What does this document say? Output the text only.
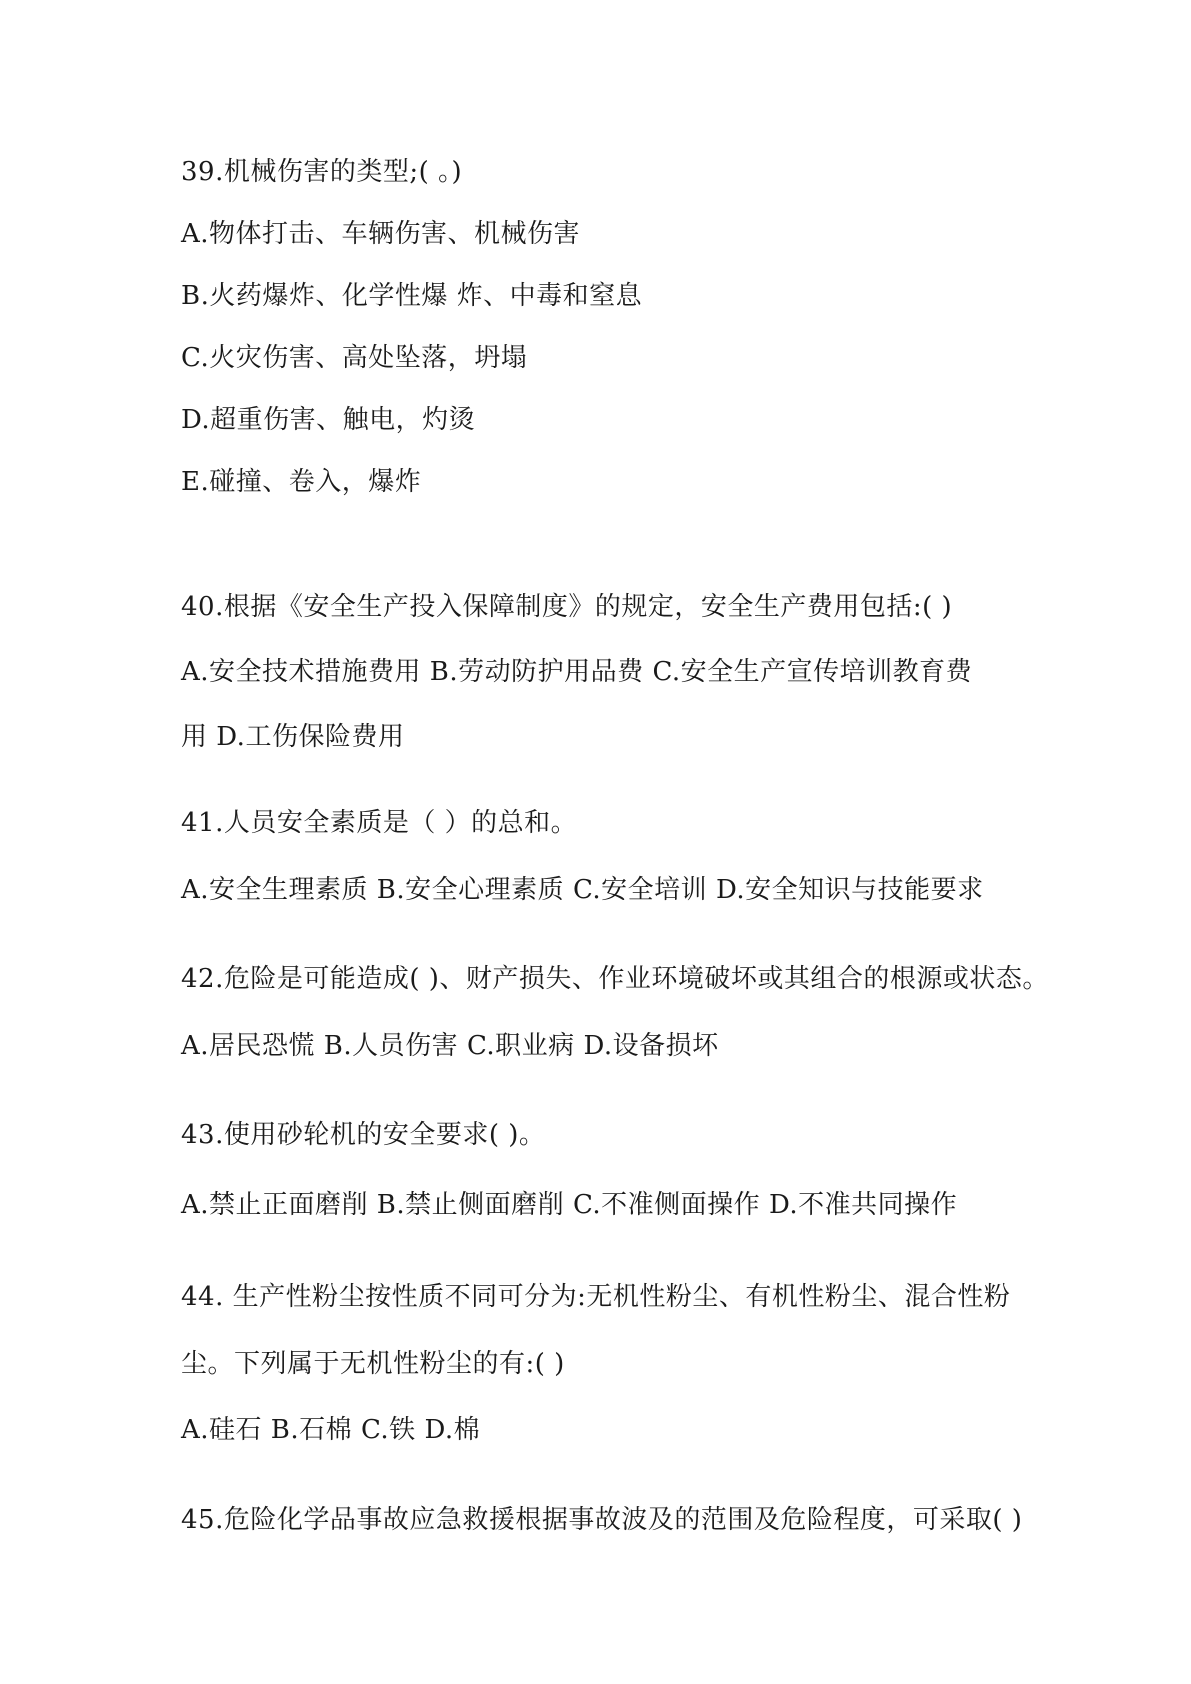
39.机械伤害的类型;( 。)
A.物体打击、车辆伤害、机械伤害
B.火药爆炸、化学性爆 炸、中毒和窒息
C.火灾伤害、高处坠落，坍塌
D.超重伤害、触电，灼烫
E.碰撞、卷入，爆炸
40.根据《安全生产投入保障制度》的规定，安全生产费用包括:( )
A.安全技术措施费用 B.劳动防护用品费 C.安全生产宣传培训教育费
用 D.工伤保险费用
41.人员安全素质是（ ）的总和。
A.安全生理素质 B.安全心理素质 C.安全培训 D.安全知识与技能要求
42.危险是可能造成( )、财产损失、作业环境破坏或其组合的根源或状态。
A.居民恐慌 B.人员伤害 C.职业病 D.设备损坏
43.使用砂轮机的安全要求( )。
A.禁止正面磨削 B.禁止侧面磨削 C.不准侧面操作 D.不准共同操作
44. 生产性粉尘按性质不同可分为:无机性粉尘、有机性粉尘、混合性粉
尘。下列属于无机性粉尘的有:( )
A.硅石 B.石棉 C.铁 D.棉
45.危险化学品事故应急救援根据事故波及的范围及危险程度，可采取( )
